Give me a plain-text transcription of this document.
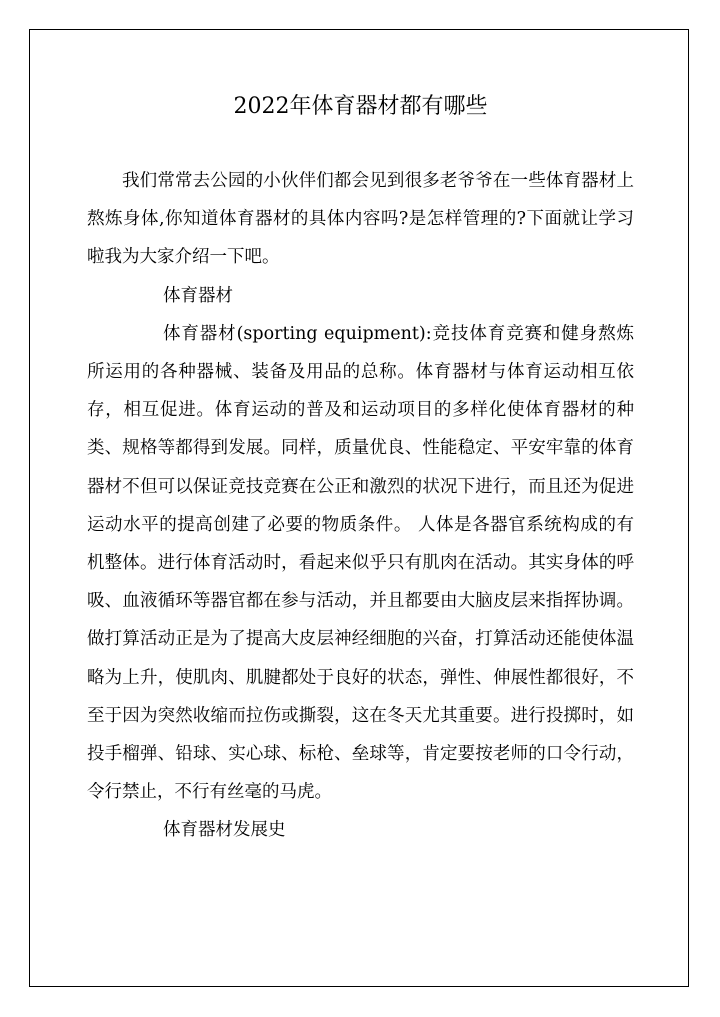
2022年体育器材都有哪些

我们常常去公园的小伙伴们都会见到很多老爷爷在一些体育器材上熬炼身体,你知道体育器材的具体内容吗?是怎样管理的?下面就让学习啦我为大家介绍一下吧。

体育器材

体育器材(sporting equipment):竞技体育竞赛和健身熬炼所运用的各种器械、装备及用品的总称。体育器材与体育运动相互依存，相互促进。体育运动的普及和运动项目的多样化使体育器材的种类、规格等都得到发展。同样，质量优良、性能稳定、平安牢靠的体育器材不但可以保证竞技竞赛在公正和激烈的状况下进行，而且还为促进运动水平的提高创建了必要的物质条件。 人体是各器官系统构成的有机整体。进行体育活动时，看起来似乎只有肌肉在活动。其实身体的呼吸、血液循环等器官都在参与活动，并且都要由大脑皮层来指挥协调。做打算活动正是为了提高大皮层神经细胞的兴奋，打算活动还能使体温略为上升，使肌肉、肌腱都处于良好的状态，弹性、伸展性都很好，不至于因为突然收缩而拉伤或撕裂，这在冬天尤其重要。进行投掷时，如投手榴弹、铅球、实心球、标枪、垒球等，肯定要按老师的口令行动，令行禁止，不行有丝毫的马虎。

体育器材发展史
